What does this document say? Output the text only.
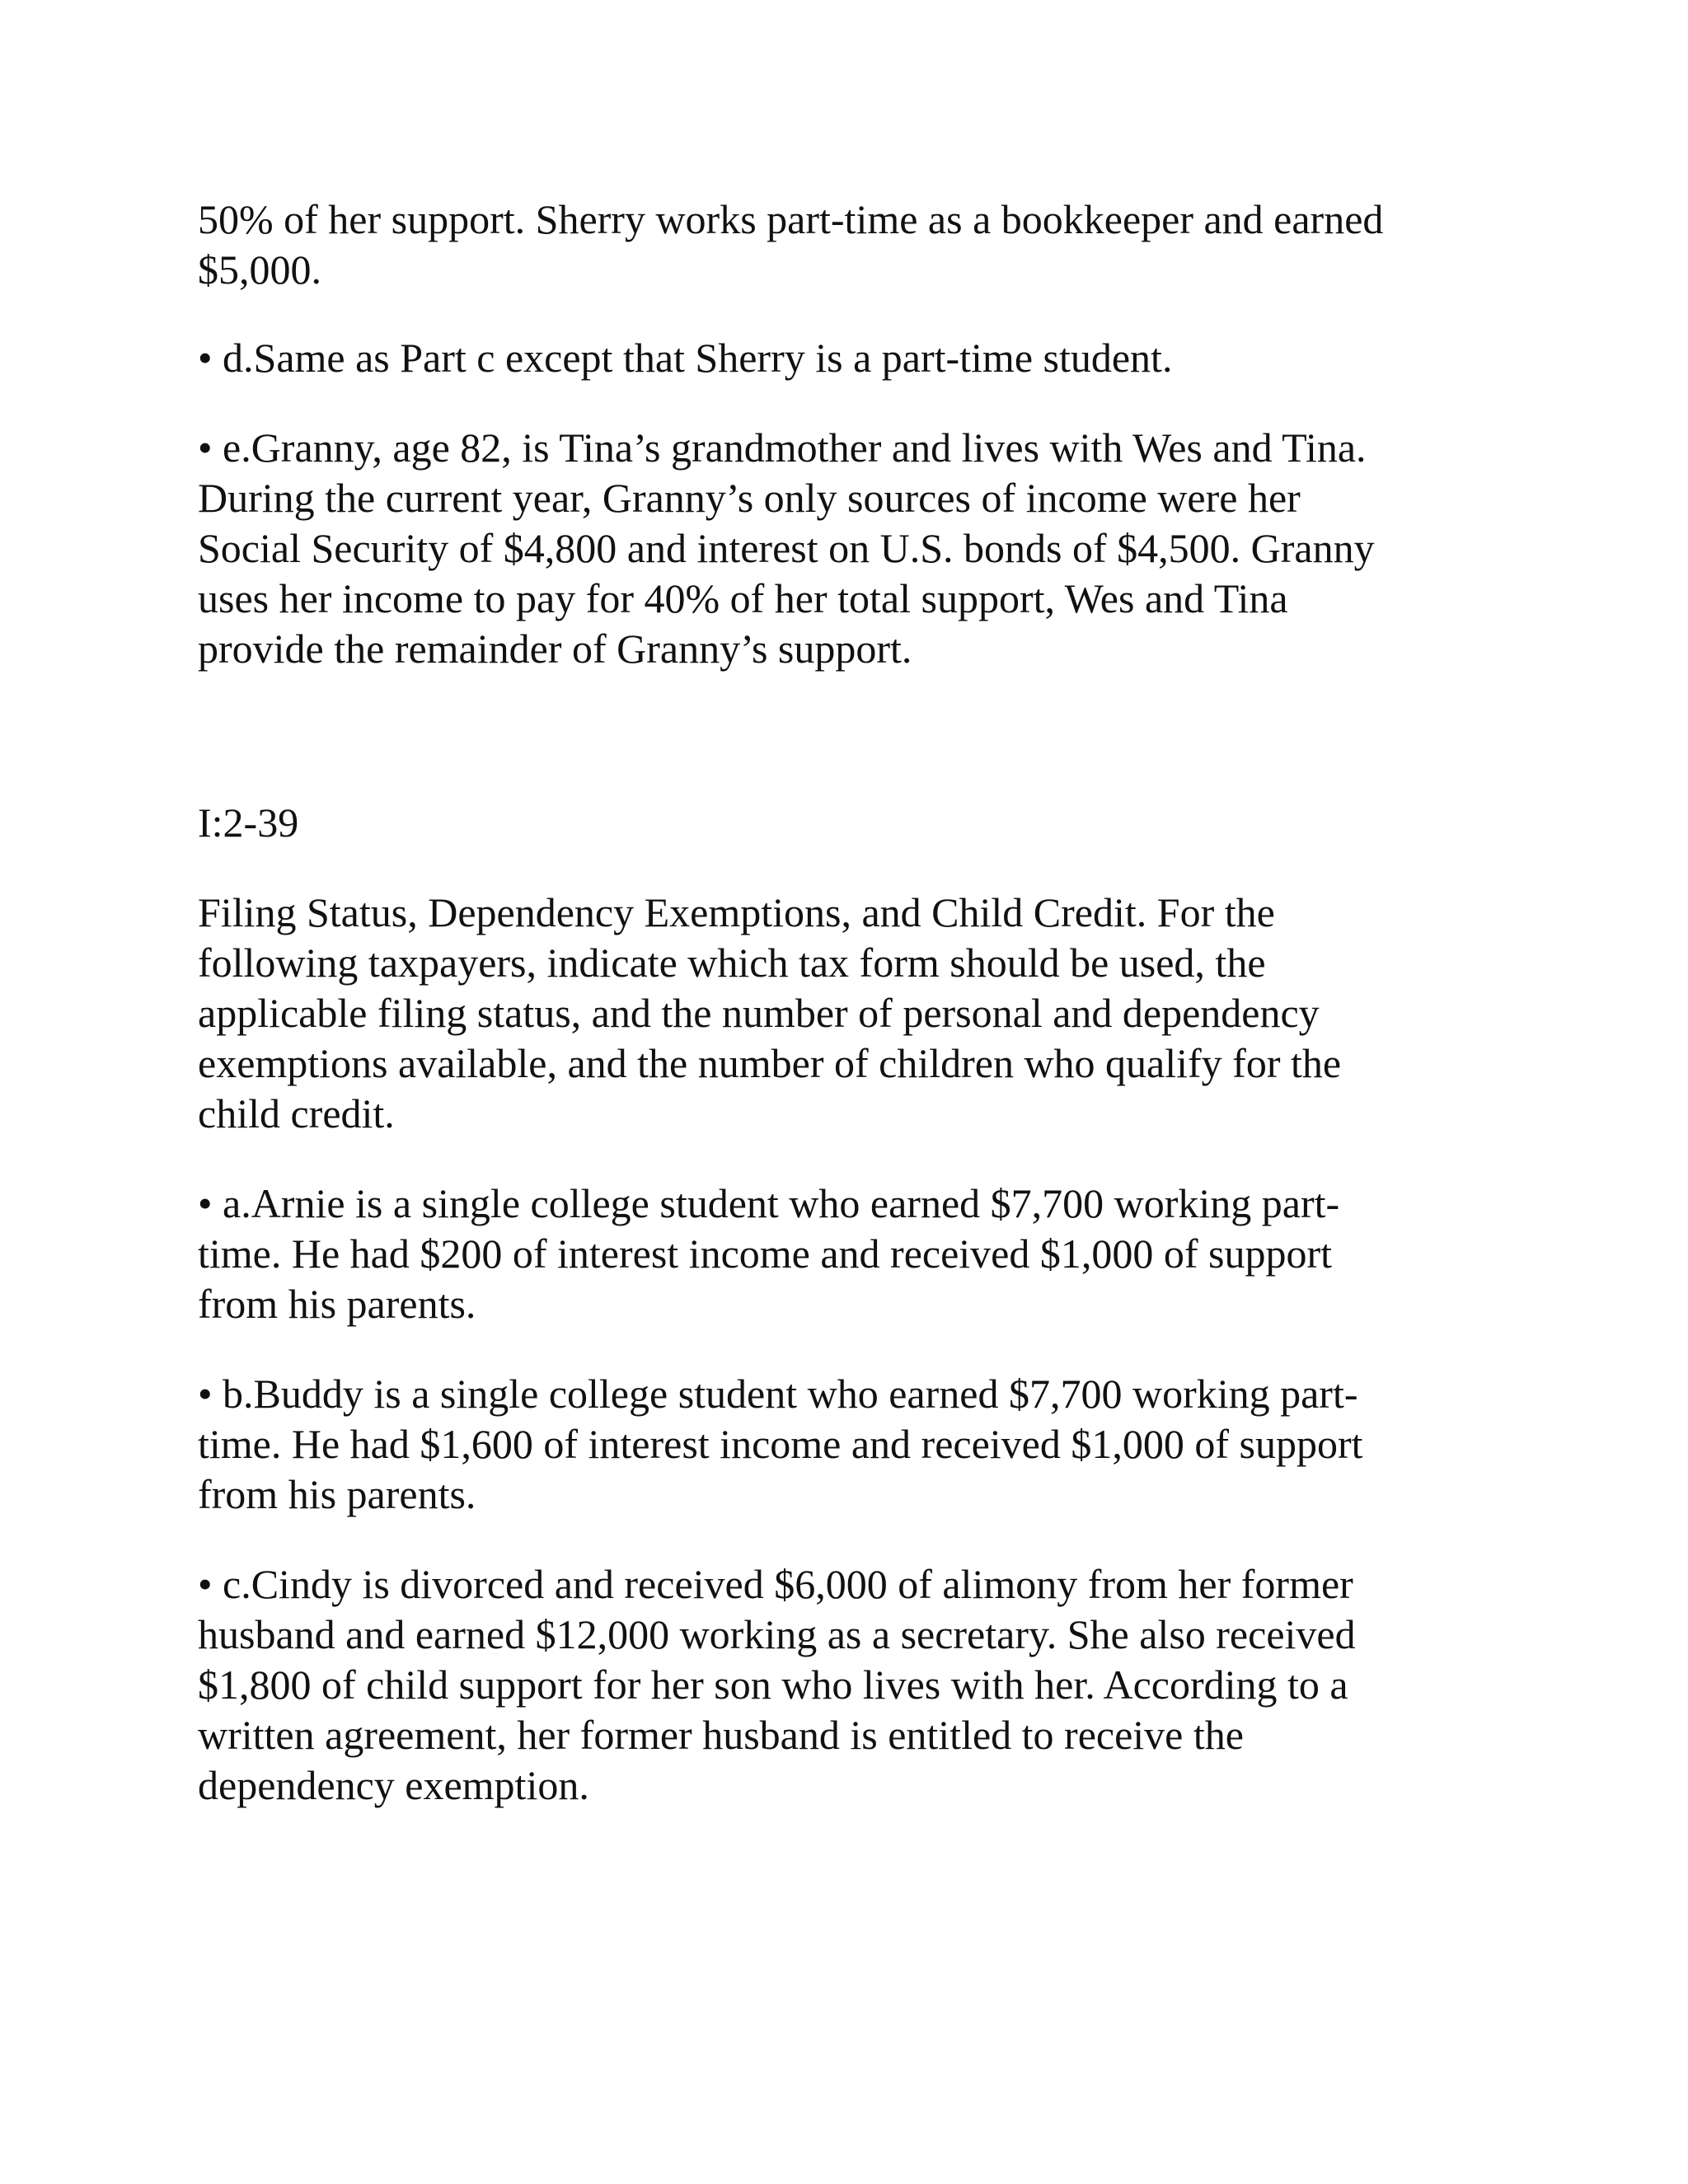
50% of her support. Sherry works part-time as a bookkeeper and earned
$5,000.

• d.Same as Part c except that Sherry is a part-time student.

• e.Granny, age 82, is Tina’s grandmother and lives with Wes and Tina.
During the current year, Granny’s only sources of income were her
Social Security of $4,800 and interest on U.S. bonds of $4,500. Granny
uses her income to pay for 40% of her total support, Wes and Tina
provide the remainder of Granny’s support.

I:2-39

Filing Status, Dependency Exemptions, and Child Credit. For the
following taxpayers, indicate which tax form should be used, the
applicable filing status, and the number of personal and dependency
exemptions available, and the number of children who qualify for the
child credit.

• a.Arnie is a single college student who earned $7,700 working part-
time. He had $200 of interest income and received $1,000 of support
from his parents.

• b.Buddy is a single college student who earned $7,700 working part-
time. He had $1,600 of interest income and received $1,000 of support
from his parents.

• c.Cindy is divorced and received $6,000 of alimony from her former
husband and earned $12,000 working as a secretary. She also received
$1,800 of child support for her son who lives with her. According to a
written agreement, her former husband is entitled to receive the
dependency exemption.
